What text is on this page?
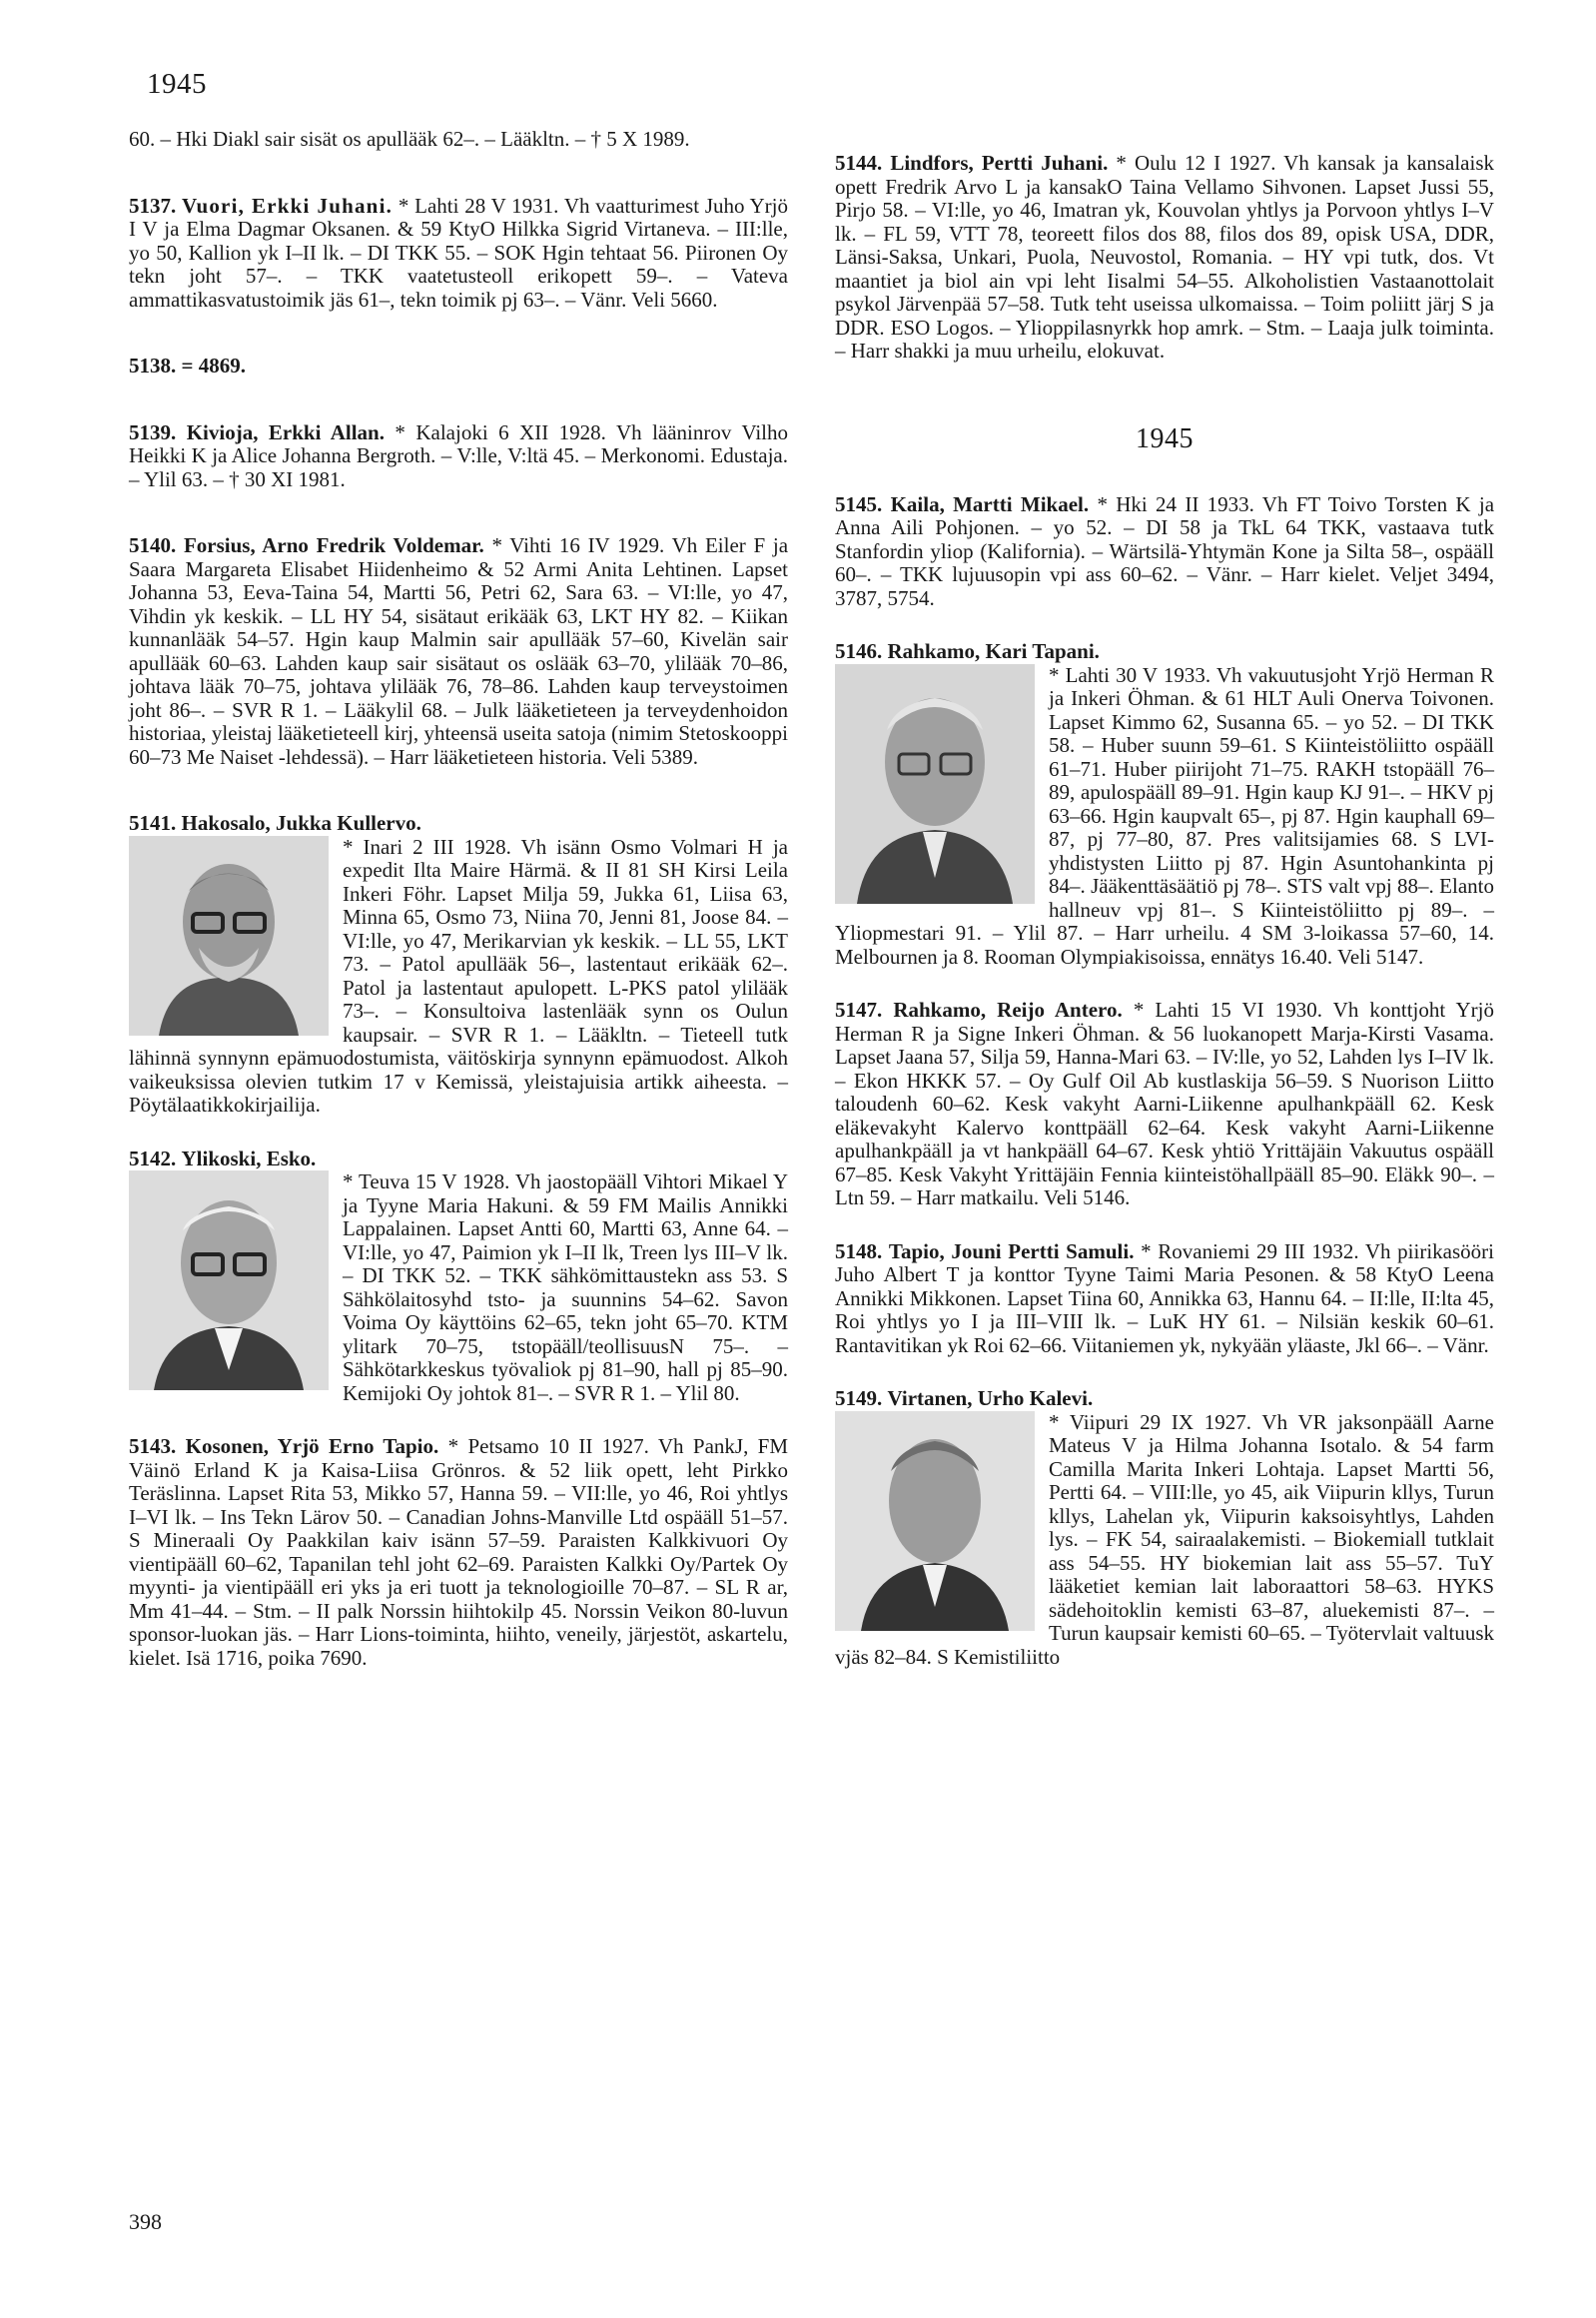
1945

60. – Hki Diakl sair sisät os apullääk 62–. – Lääkltn. – † 5 X 1989.

5137. Vuori, Erkki Juhani. * Lahti 28 V 1931. Vh vaatturimest Juho Yrjö I V ja Elma Dagmar Oksanen. & 59 KtyO Hilkka Sigrid Virtaneva. – III:lle, yo 50, Kallion yk I–II lk. – DI TKK 55. – SOK Hgin tehtaat 56. Piironen Oy tekn joht 57–. – TKK vaatetusteoll erikopett 59–. – Vateva ammattikasvatustoimik jäs 61–, tekn toimik pj 63–. – Vänr. Veli 5660.

5138. = 4869.

5139. Kivioja, Erkki Allan. * Kalajoki 6 XII 1928. Vh lääninrov Vilho Heikki K ja Alice Johanna Bergroth. – V:lle, V:ltä 45. – Merkonomi. Edustaja. – Ylil 63. – † 30 XI 1981.

5140. Forsius, Arno Fredrik Voldemar. * Vihti 16 IV 1929. Vh Eiler F ja Saara Margareta Elisabet Hiidenheimo & 52 Armi Anita Lehtinen. Lapset Johanna 53, Eeva-Taina 54, Martti 56, Petri 62, Sara 63. – VI:lle, yo 47, Vihdin yk keskik. – LL HY 54, sisätaut erikääk 63, LKT HY 82. – Kiikan kunnanlääk 54–57. Hgin kaup Malmin sair apullääk 57–60, Kivelän sair apullääk 60–63. Lahden kaup sair sisätaut os oslääk 63–70, ylilääk 70–86, johtava lääk 70–75, johtava ylilääk 76, 78–86. Lahden kaup terveystoimen joht 86–. – SVR R 1. – Lääkylil 68. – Julk lääketieteen ja terveydenhoidon historiaa, yleistaj lääketieteell kirj, yhteensä useita satoja (nimim Stetoskooppi 60–73 Me Naiset -lehdessä). – Harr lääketieteen historia. Veli 5389.

5141. Hakosalo, Jukka Kullervo.
* Inari 2 III 1928. Vh isänn Osmo Volmari H ja expedit Ilta Maire Härmä. & II 81 SH Kirsi Leila Inkeri Föhr. Lapset Milja 59, Jukka 61, Liisa 63, Minna 65, Osmo 73, Niina 70, Jenni 81, Joose 84. – VI:lle, yo 47, Merikarvian yk keskik. – LL 55, LKT 73. – Patol apullääk 56–, lastentaut erikääk 62–. Patol ja lastentaut apulopett. L-PKS patol ylilääk 73–. – Konsultoiva lastenlääk synn os Oulun kaupsair. – SVR R 1. – Lääkltn. – Tieteell tutk lähinnä synnynn epämuodostumista, väitöskirja synnynn epämuodost. Alkoh vaikeuksissa olevien tutkim 17 v Kemissä, yleistajuisia artikk aiheesta. – Pöytälaatikkokirjailija.
5142. Ylikoski, Esko.
* Teuva 15 V 1928. Vh jaostopääll Vihtori Mikael Y ja Tyyne Maria Hakuni. & 59 FM Mailis Annikki Lappalainen. Lapset Antti 60, Martti 63, Anne 64. – VI:lle, yo 47, Paimion yk I–II lk, Treen lys III–V lk. – DI TKK 52. – TKK sähkömittaustekn ass 53. S Sähkölaitosyhd tsto- ja suunnins 54–62. Savon Voima Oy käyttöins 62–65, tekn joht 65–70. KTM ylitark 70–75, tstopääll/teollisuusN 75–. – Sähkötarkkeskus työvaliok pj 81–90, hall pj 85–90. Kemijoki Oy johtok 81–. – SVR R 1. – Ylil 80.

5143. Kosonen, Yrjö Erno Tapio. * Petsamo 10 II 1927. Vh PankJ, FM Väinö Erland K ja Kaisa-Liisa Grönros. & 52 liik opett, leht Pirkko Teräslinna. Lapset Rita 53, Mikko 57, Hanna 59. – VII:lle, yo 46, Roi yhtlys I–VI lk. – Ins Tekn Lärov 50. – Canadian Johns-Manville Ltd ospääll 51–57. S Mineraali Oy Paakkilan kaiv isänn 57–59. Paraisten Kalkkivuori Oy vientipääll 60–62, Tapanilan tehl joht 62–69. Paraisten Kalkki Oy/Partek Oy myynti- ja vientipääll eri yks ja eri tuott ja teknologioille 70–87. – SL R ar, Mm 41–44. – Stm. – II palk Norssin hiihtokilp 45. Norssin Veikon 80-luvun sponsor-luokan jäs. – Harr Lions-toiminta, hiihto, veneily, järjestöt, askartelu, kielet. Isä 1716, poika 7690.

5144. Lindfors, Pertti Juhani. * Oulu 12 I 1927. Vh kansak ja kansalaisk opett Fredrik Arvo L ja kansakO Taina Vellamo Sihvonen. Lapset Jussi 55, Pirjo 58. – VI:lle, yo 46, Imatran yk, Kouvolan yhtlys ja Porvoon yhtlys I–V lk. – FL 59, VTT 78, teoreett filos dos 88, filos dos 89, opisk USA, DDR, Länsi-Saksa, Unkari, Puola, Neuvostol, Romania. – HY vpi tutk, dos. Vt maantiet ja biol ain vpi leht Iisalmi 54–55. Alkoholistien Vastaanottolait psykol Järvenpää 57–58. Tutk teht useissa ulkomaissa. – Toim poliitt järj S ja DDR. ESO Logos. – Ylioppilasnyrkk hop amrk. – Stm. – Laaja julk toiminta. – Harr shakki ja muu urheilu, elokuvat.

1945

5145. Kaila, Martti Mikael. * Hki 24 II 1933. Vh FT Toivo Torsten K ja Anna Aili Pohjonen. – yo 52. – DI 58 ja TkL 64 TKK, vastaava tutk Stanfordin yliop (Kalifornia). – Wärtsilä-Yhtymän Kone ja Silta 58–, ospääll 60–. – TKK lujuusopin vpi ass 60–62. – Vänr. – Harr kielet. Veljet 3494, 3787, 5754.

5146. Rahkamo, Kari Tapani.
* Lahti 30 V 1933. Vh vakuutusjoht Yrjö Herman R ja Inkeri Öhman. & 61 HLT Auli Onerva Toivonen. Lapset Kimmo 62, Susanna 65. – yo 52. – DI TKK 58. – Huber suunn 59–61. S Kiinteistöliitto ospääll 61–71. Huber piirijoht 71–75. RAKH tstopääll 76–89, apulospääll 89–91. Hgin kaup KJ 91–. – HKV pj 63–66. Hgin kaupvalt 65–, pj 87. Hgin kauphall 69–87, pj 77–80, 87. Pres valitsijamies 68. S LVI-yhdistysten Liitto pj 87. Hgin Asuntohankinta pj 84–. Jääkenttäsäätiö pj 78–. STS valt vpj 88–. Elanto hallneuv vpj 81–. S Kiinteistöliitto pj 89–. – Yliopmestari 91. – Ylil 87. – Harr urheilu. 4 SM 3-loikassa 57–60, 14. Melbournen ja 8. Rooman Olympiakisoissa, ennätys 16.40. Veli 5147.

5147. Rahkamo, Reijo Antero. * Lahti 15 VI 1930. Vh konttjoht Yrjö Herman R ja Signe Inkeri Öhman. & 56 luokanopett Marja-Kirsti Vasama. Lapset Jaana 57, Silja 59, Hanna-Mari 63. – IV:lle, yo 52, Lahden lys I–IV lk. – Ekon HKKK 57. – Oy Gulf Oil Ab kustlaskija 56–59. S Nuorison Liitto taloudenh 60–62. Kesk vakyht Aarni-Liikenne apulhankpääll 62. Kesk eläkevakyht Kalervo konttpääll 62–64. Kesk vakyht Aarni-Liikenne apulhankpääll ja vt hankpääll 64–67. Kesk yhtiö Yrittäjäin Vakuutus ospääll 67–85. Kesk Vakyht Yrittäjäin Fennia kiinteistöhallpääll 85–90. Eläkk 90–. – Ltn 59. – Harr matkailu. Veli 5146.

5148. Tapio, Jouni Pertti Samuli. * Rovaniemi 29 III 1932. Vh piirikasööri Juho Albert T ja konttor Tyyne Taimi Maria Pesonen. & 58 KtyO Leena Annikki Mikkonen. Lapset Tiina 60, Annikka 63, Hannu 64. – II:lle, II:lta 45, Roi yhtlys yo I ja III–VIII lk. – LuK HY 61. – Nilsiän keskik 60–61. Rantavitikan yk Roi 62–66. Viitaniemen yk, nykyään yläaste, Jkl 66–. – Vänr.

5149. Virtanen, Urho Kalevi.
* Viipuri 29 IX 1927. Vh VR jaksonpääll Aarne Mateus V ja Hilma Johanna Isotalo. & 54 farm Camilla Marita Inkeri Lohtaja. Lapset Martti 56, Pertti 64. – VIII:lle, yo 45, aik Viipurin kllys, Turun kllys, Lahelan yk, Viipurin kaksoisyhtlys, Lahden lys. – FK 54, sairaalakemisti. – Biokemiall tutklait ass 54–55. HY biokemian lait ass 55–57. TuY lääketiet kemian lait laboraattori 58–63. HYKS sädehoitoklin kemisti 63–87, aluekemisti 87–. – Turun kaupsair kemisti 60–65. – Työtervlait valtuusk vjäs 82–84. S Kemistiliitto
398
